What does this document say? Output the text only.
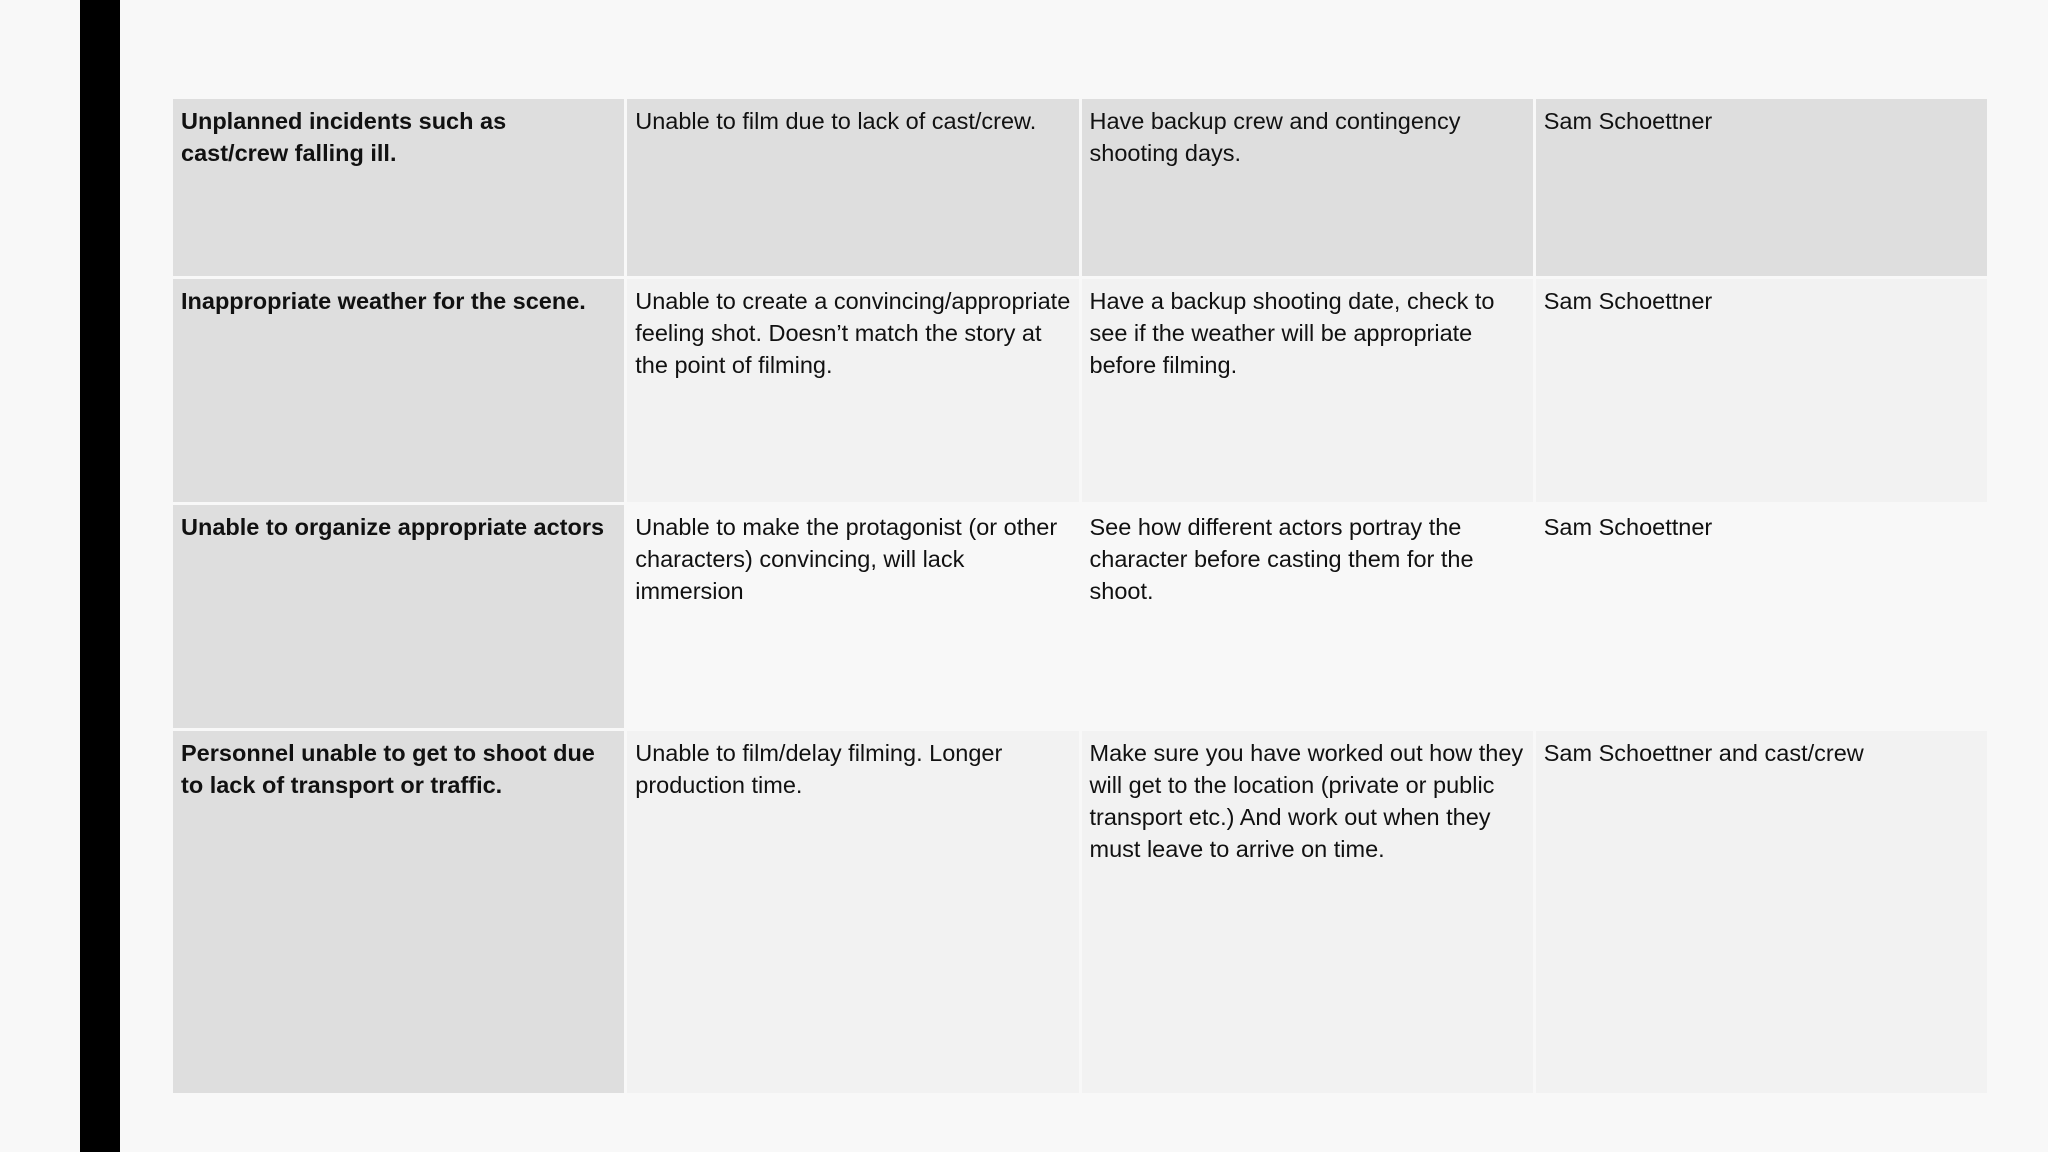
Unplanned incidents such as cast/crew falling ill.	Unable to film due to lack of cast/crew.	Have backup crew and contingency shooting days.	Sam Schoettner
Inappropriate weather for the scene.	Unable to create a convincing/appropriate feeling shot. Doesn’t match the story at the point of filming.	Have a backup shooting date, check to see if the weather will be appropriate before filming.	Sam Schoettner
Unable to organize appropriate actors	Unable to make the protagonist (or other characters) convincing, will lack immersion	See how different actors portray the character before casting them for the shoot.	Sam Schoettner
Personnel unable to get to shoot due to lack of transport or traffic.	Unable to film/delay filming. Longer production time.	Make sure you have worked out how they will get to the location (private or public transport etc.) And work out when they must leave to arrive on time.	Sam Schoettner and cast/crew
